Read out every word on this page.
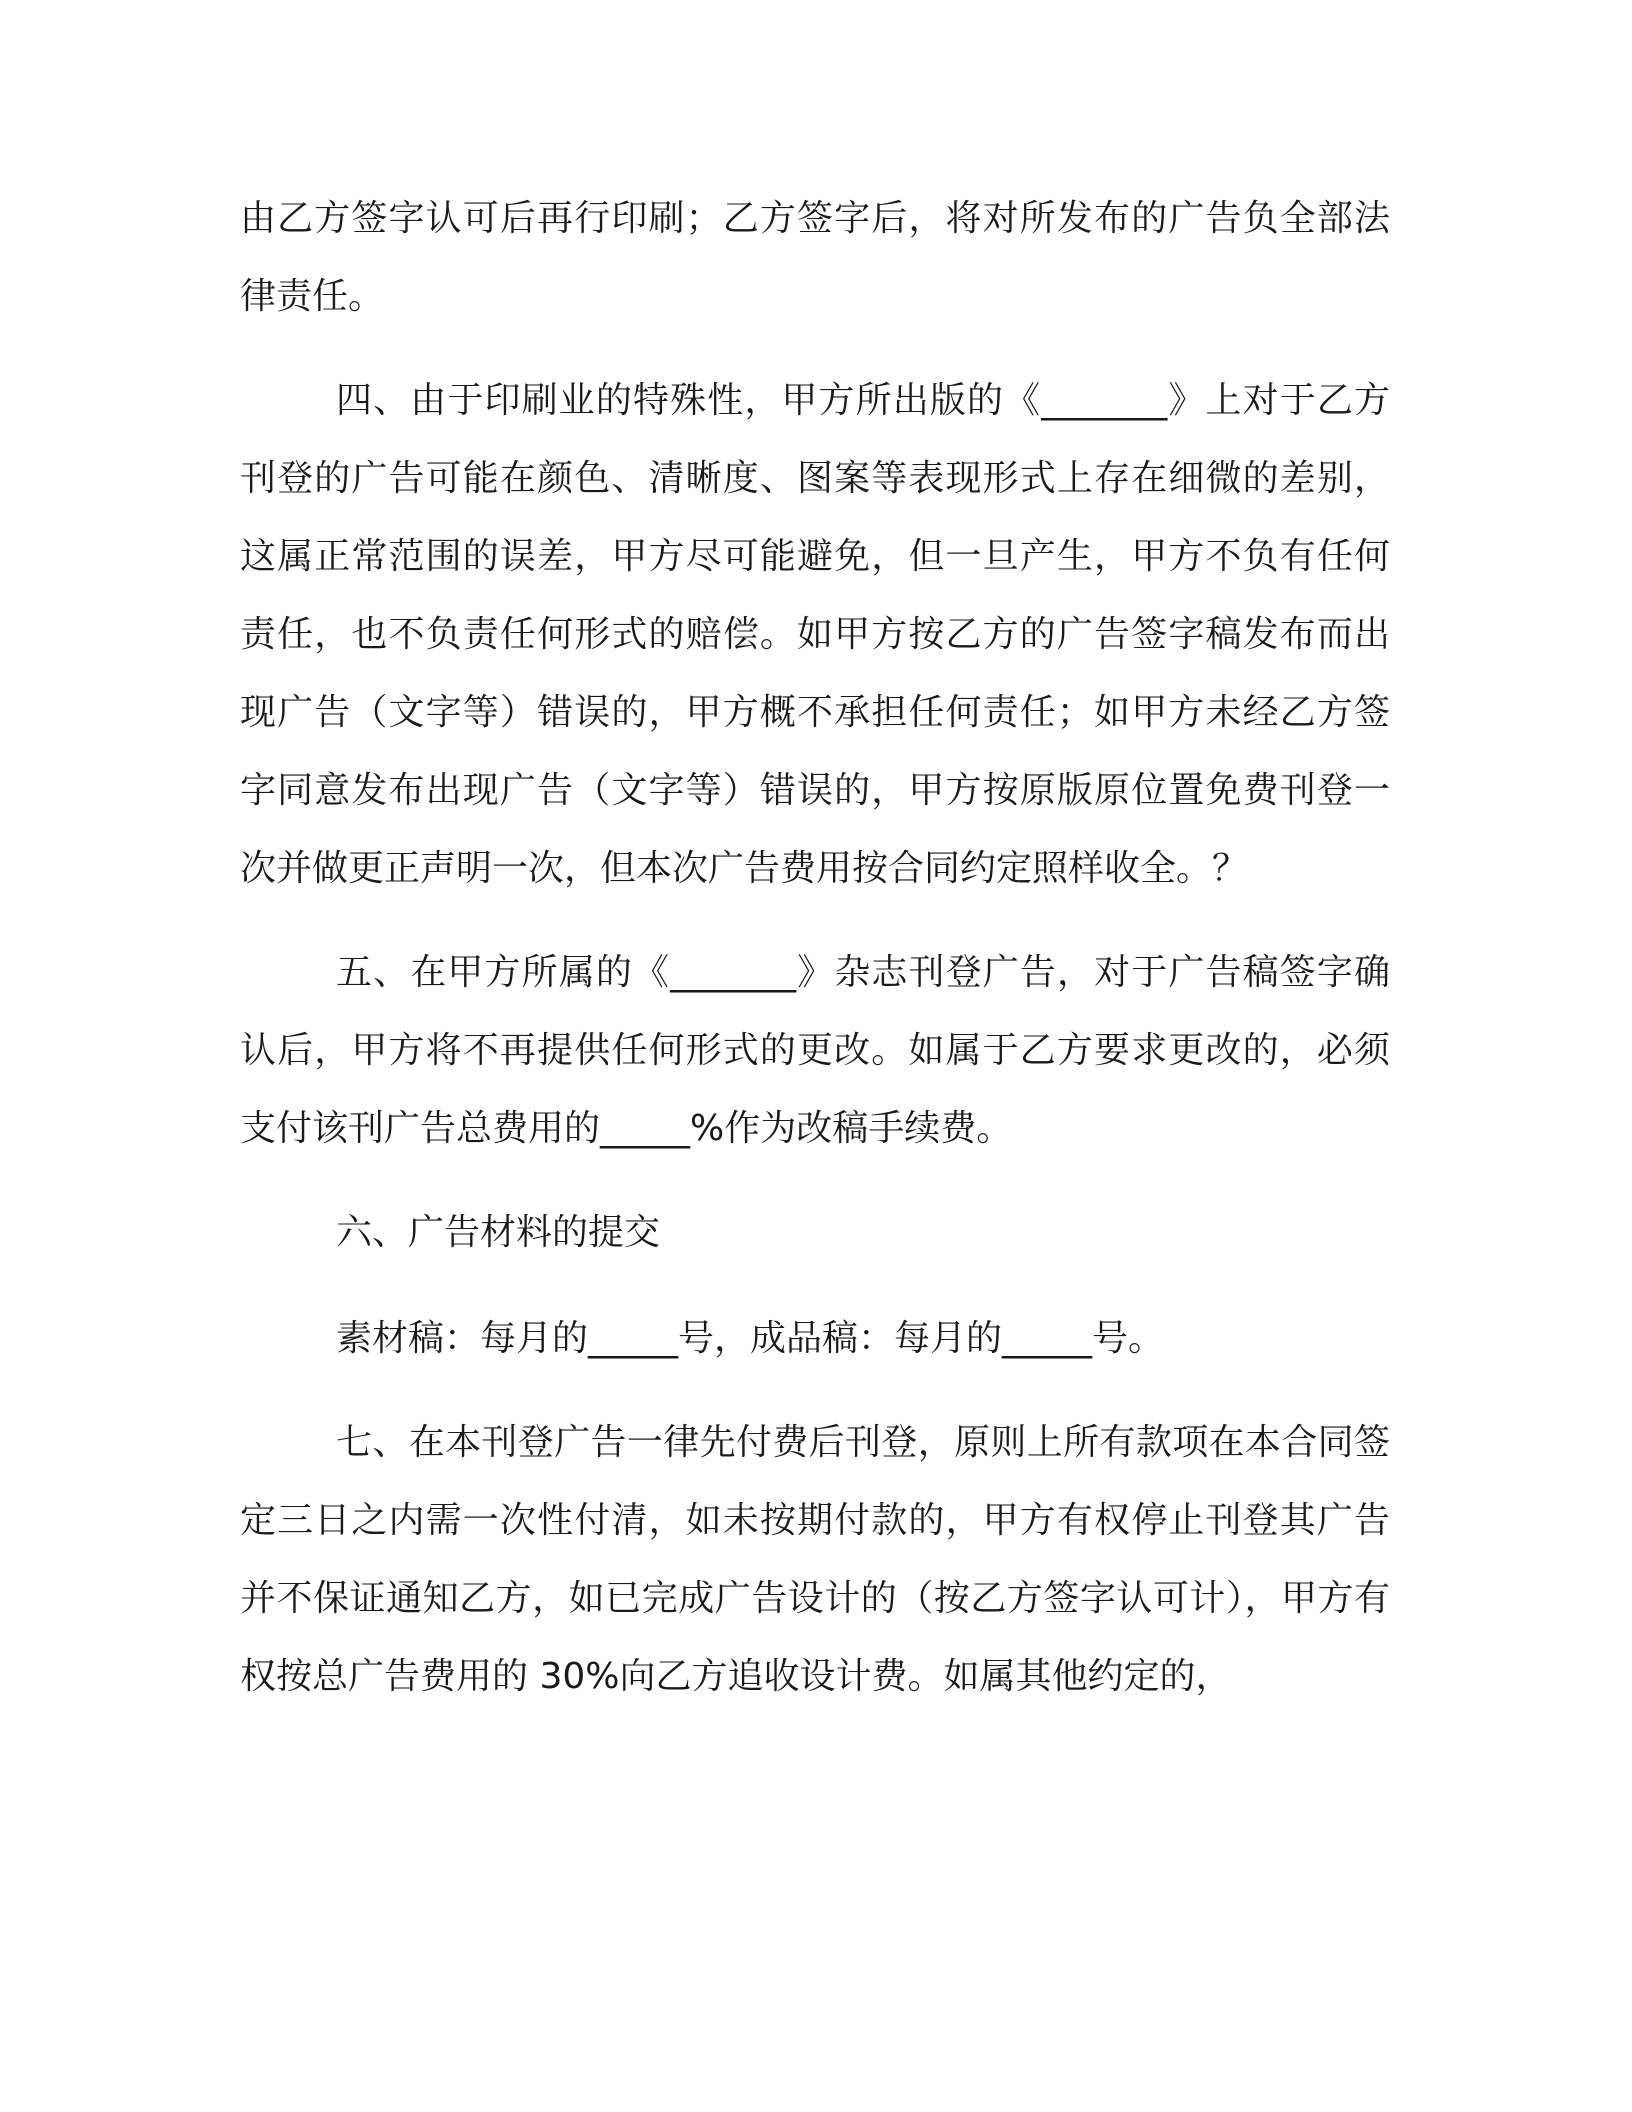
由乙方签字认可后再行印刷；乙方签字后，将对所发布的广告负全部法律责任。

四、由于印刷业的特殊性，甲方所出版的《_______》上对于乙方刊登的广告可能在颜色、清晰度、图案等表现形式上存在细微的差别，这属正常范围的误差，甲方尽可能避免，但一旦产生，甲方不负有任何责任，也不负责任何形式的赔偿。如甲方按乙方的广告签字稿发布而出现广告（文字等）错误的，甲方概不承担任何责任；如甲方未经乙方签字同意发布出现广告（文字等）错误的，甲方按原版原位置免费刊登一次并做更正声明一次，但本次广告费用按合同约定照样收全。？

五、在甲方所属的《_______》杂志刊登广告，对于广告稿签字确认后，甲方将不再提供任何形式的更改。如属于乙方要求更改的，必须支付该刊广告总费用的_____%作为改稿手续费。

六、广告材料的提交

素材稿：每月的_____号，成品稿：每月的_____号。

七、在本刊登广告一律先付费后刊登，原则上所有款项在本合同签定三日之内需一次性付清，如未按期付款的，甲方有权停止刊登其广告并不保证通知乙方，如已完成广告设计的（按乙方签字认可计），甲方有权按总广告费用的 30%向乙方追收设计费。如属其他约定的，
